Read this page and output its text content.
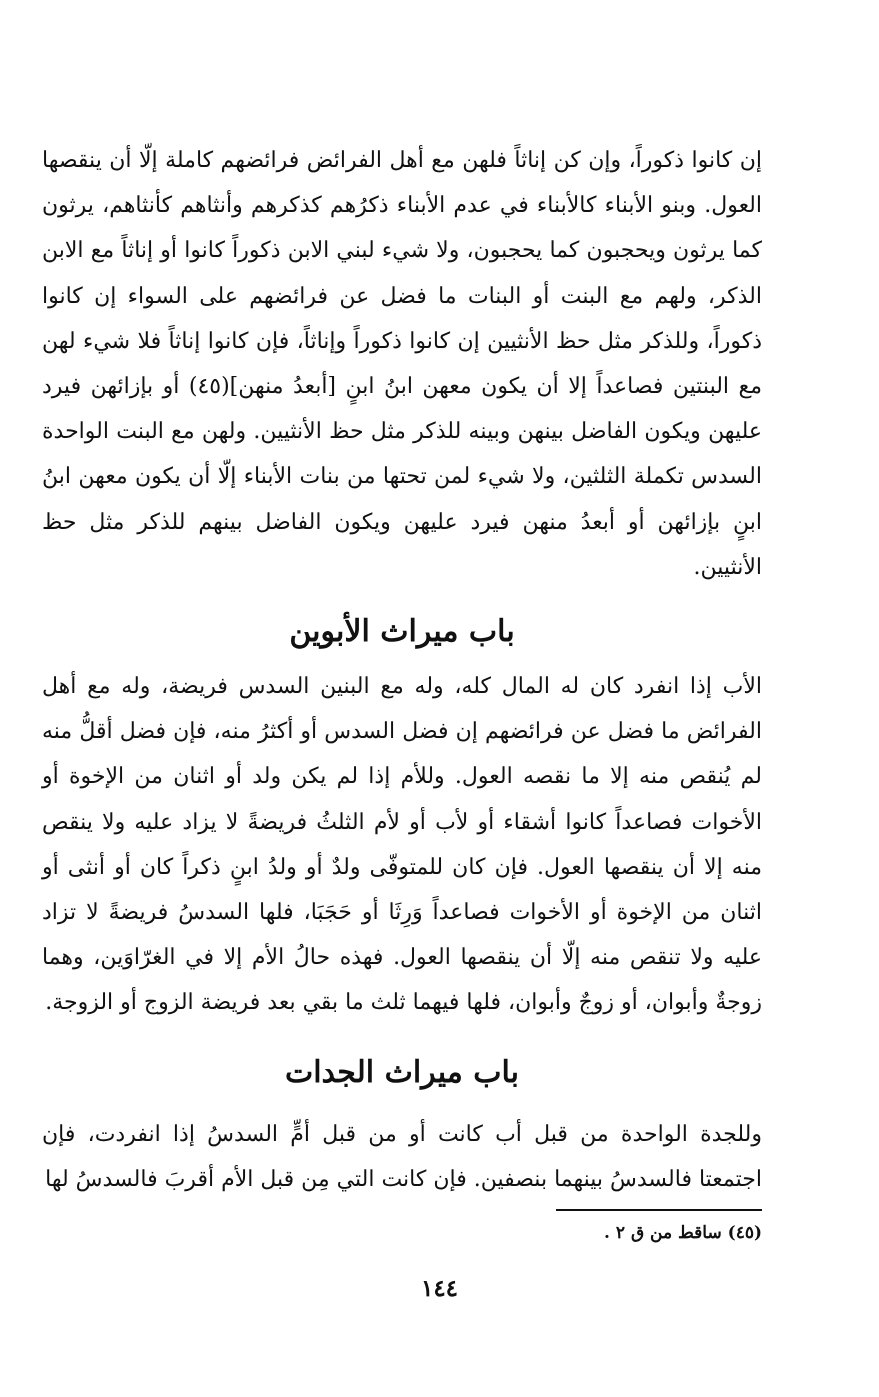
إن كانوا ذكوراً، وإن كن إناثاً فلهن مع أهل الفرائض فرائضهم كاملة إلّا أن ينقصها العول. وبنو الأبناء كالأبناء في عدم الأبناء ذكرُهم كذكرهم وأنثاهم كأنثاهم، يرثون كما يرثون ويحجبون كما يحجبون، ولا شيء لبني الابن ذكوراً كانوا أو إناثاً مع الابن الذكر، ولهم مع البنت أو البنات ما فضل عن فرائضهم على السواء إن كانوا ذكوراً، وللذكر مثل حظ الأنثيين إن كانوا ذكوراً وإناثاً، فإن كانوا إناثاً فلا شيء لهن مع البنتين فصاعداً إلا أن يكون معهن ابنُ ابنٍ [أبعدُ منهن](٤٥) أو بإزائهن فيرد عليهن ويكون الفاضل بينهن وبينه للذكر مثل حظ الأنثيين. ولهن مع البنت الواحدة السدس تكملة الثلثين، ولا شيء لمن تحتها من بنات الأبناء إلّا أن يكون معهن ابنُ ابنٍ بإزائهن أو أبعدُ منهن فيرد عليهن ويكون الفاضل بينهم للذكر مثل حظ الأنثيين.

باب ميراث الأبوين

الأب إذا انفرد كان له المال كله، وله مع البنين السدس فريضة، وله مع أهل الفرائض ما فضل عن فرائضهم إن فضل السدس أو أكثرُ منه، فإن فضل أقلُّ منه لم يُنقص منه إلا ما نقصه العول. وللأم إذا لم يكن ولد أو اثنان من الإخوة أو الأخوات فصاعداً كانوا أشقاء أو لأب أو لأم الثلثُ فريضةً لا يزاد عليه ولا ينقص منه إلا أن ينقصها العول. فإن كان للمتوفّى ولدٌ أو ولدُ ابنٍ ذكراً كان أو أنثى أو اثنان من الإخوة أو الأخوات فصاعداً وَرِثَا أو حَجَبَا، فلها السدسُ فريضةً لا تزاد عليه ولا تنقص منه إلّا أن ينقصها العول. فهذه حالُ الأم إلا في الغرّاوَين، وهما زوجةٌ وأبوان، أو زوجٌ وأبوان، فلها فيهما ثلث ما بقي بعد فريضة الزوج أو الزوجة.

باب ميراث الجدات

وللجدة الواحدة من قبل أب كانت أو من قبل أمٍّ السدسُ إذا انفردت، فإن اجتمعتا فالسدسُ بينهما بنصفين. فإن كانت التي مِن قبل الأم أقربَ فالسدسُ لها

(٤٥) ساقط من ق ٢ .

١٤٤
